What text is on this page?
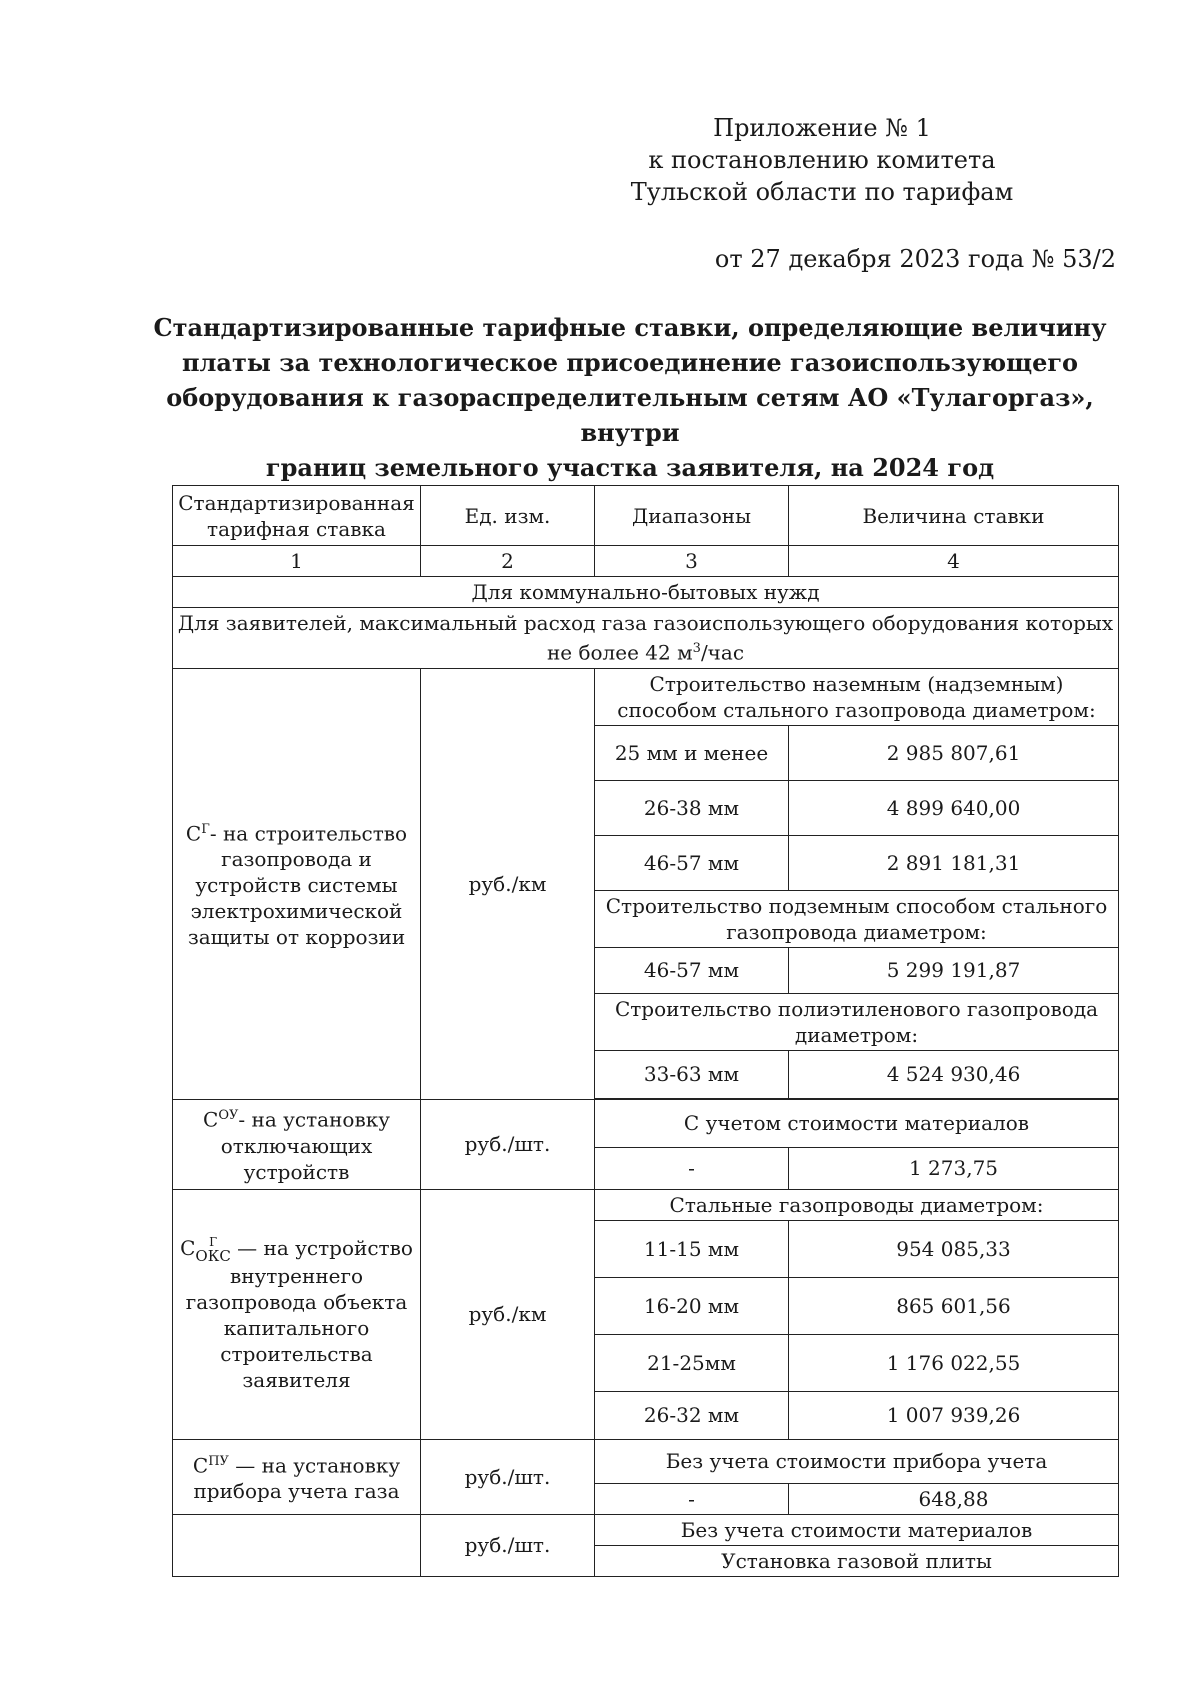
Приложение № 1
к постановлению комитета
Тульской области по тарифам
от 27 декабря 2023 года № 53/2
Стандартизированные тарифные ставки, определяющие величину
платы за технологическое присоединение газоиспользующего
оборудования к газораспределительным сетям АО «Тулагоргаз», внутри
границ земельного участка заявителя, на 2024 год
Стандартизированная тарифная ставка	Ед. изм.	Диапазоны	Величина ставки
1	2	3	4
Для коммунально-бытовых нужд			
Для заявителей, максимальный расход газа газоиспользующего оборудования которых не более 42 $м^3$/час			
$С^Г-$ на строительство газопровода и устройств системы электрохимической защиты от коррозии	руб./км	Строительство наземным (надземным) способом стального газопровода диаметром:	
		25 мм и менее	2 985 807,61
		26-38 мм	4 899 640,00
		46-57 мм	2 891 181,31
		Строительство подземным способом стального газопровода диаметром:	
		46-57 мм	5 299 191,87
		Строительство полиэтиленового газопровода диаметром:	
		33-63 мм	4 524 930,46

$С^{ОУ}-$ на установку отключающих устройств	руб./шт.	С учетом стоимости материалов	
		-	1 273,75
С Г
ОКС — на устройство внутреннего газопровода объекта капитального строительства заявителя	руб./км	Стальные газопроводы диаметром:	
		11-15 мм	954 085,33
		16-20 мм	865 601,56
		21-25мм	1 176 022,55
		26-32 мм	1 007 939,26
$С^{ПУ}$ — на установку прибора учета газа	руб./шт.	Без учета стоимости прибора учета	
		-	648,88
	руб./шт.	Без учета стоимости материалов	
		Установка газовой плиты	
